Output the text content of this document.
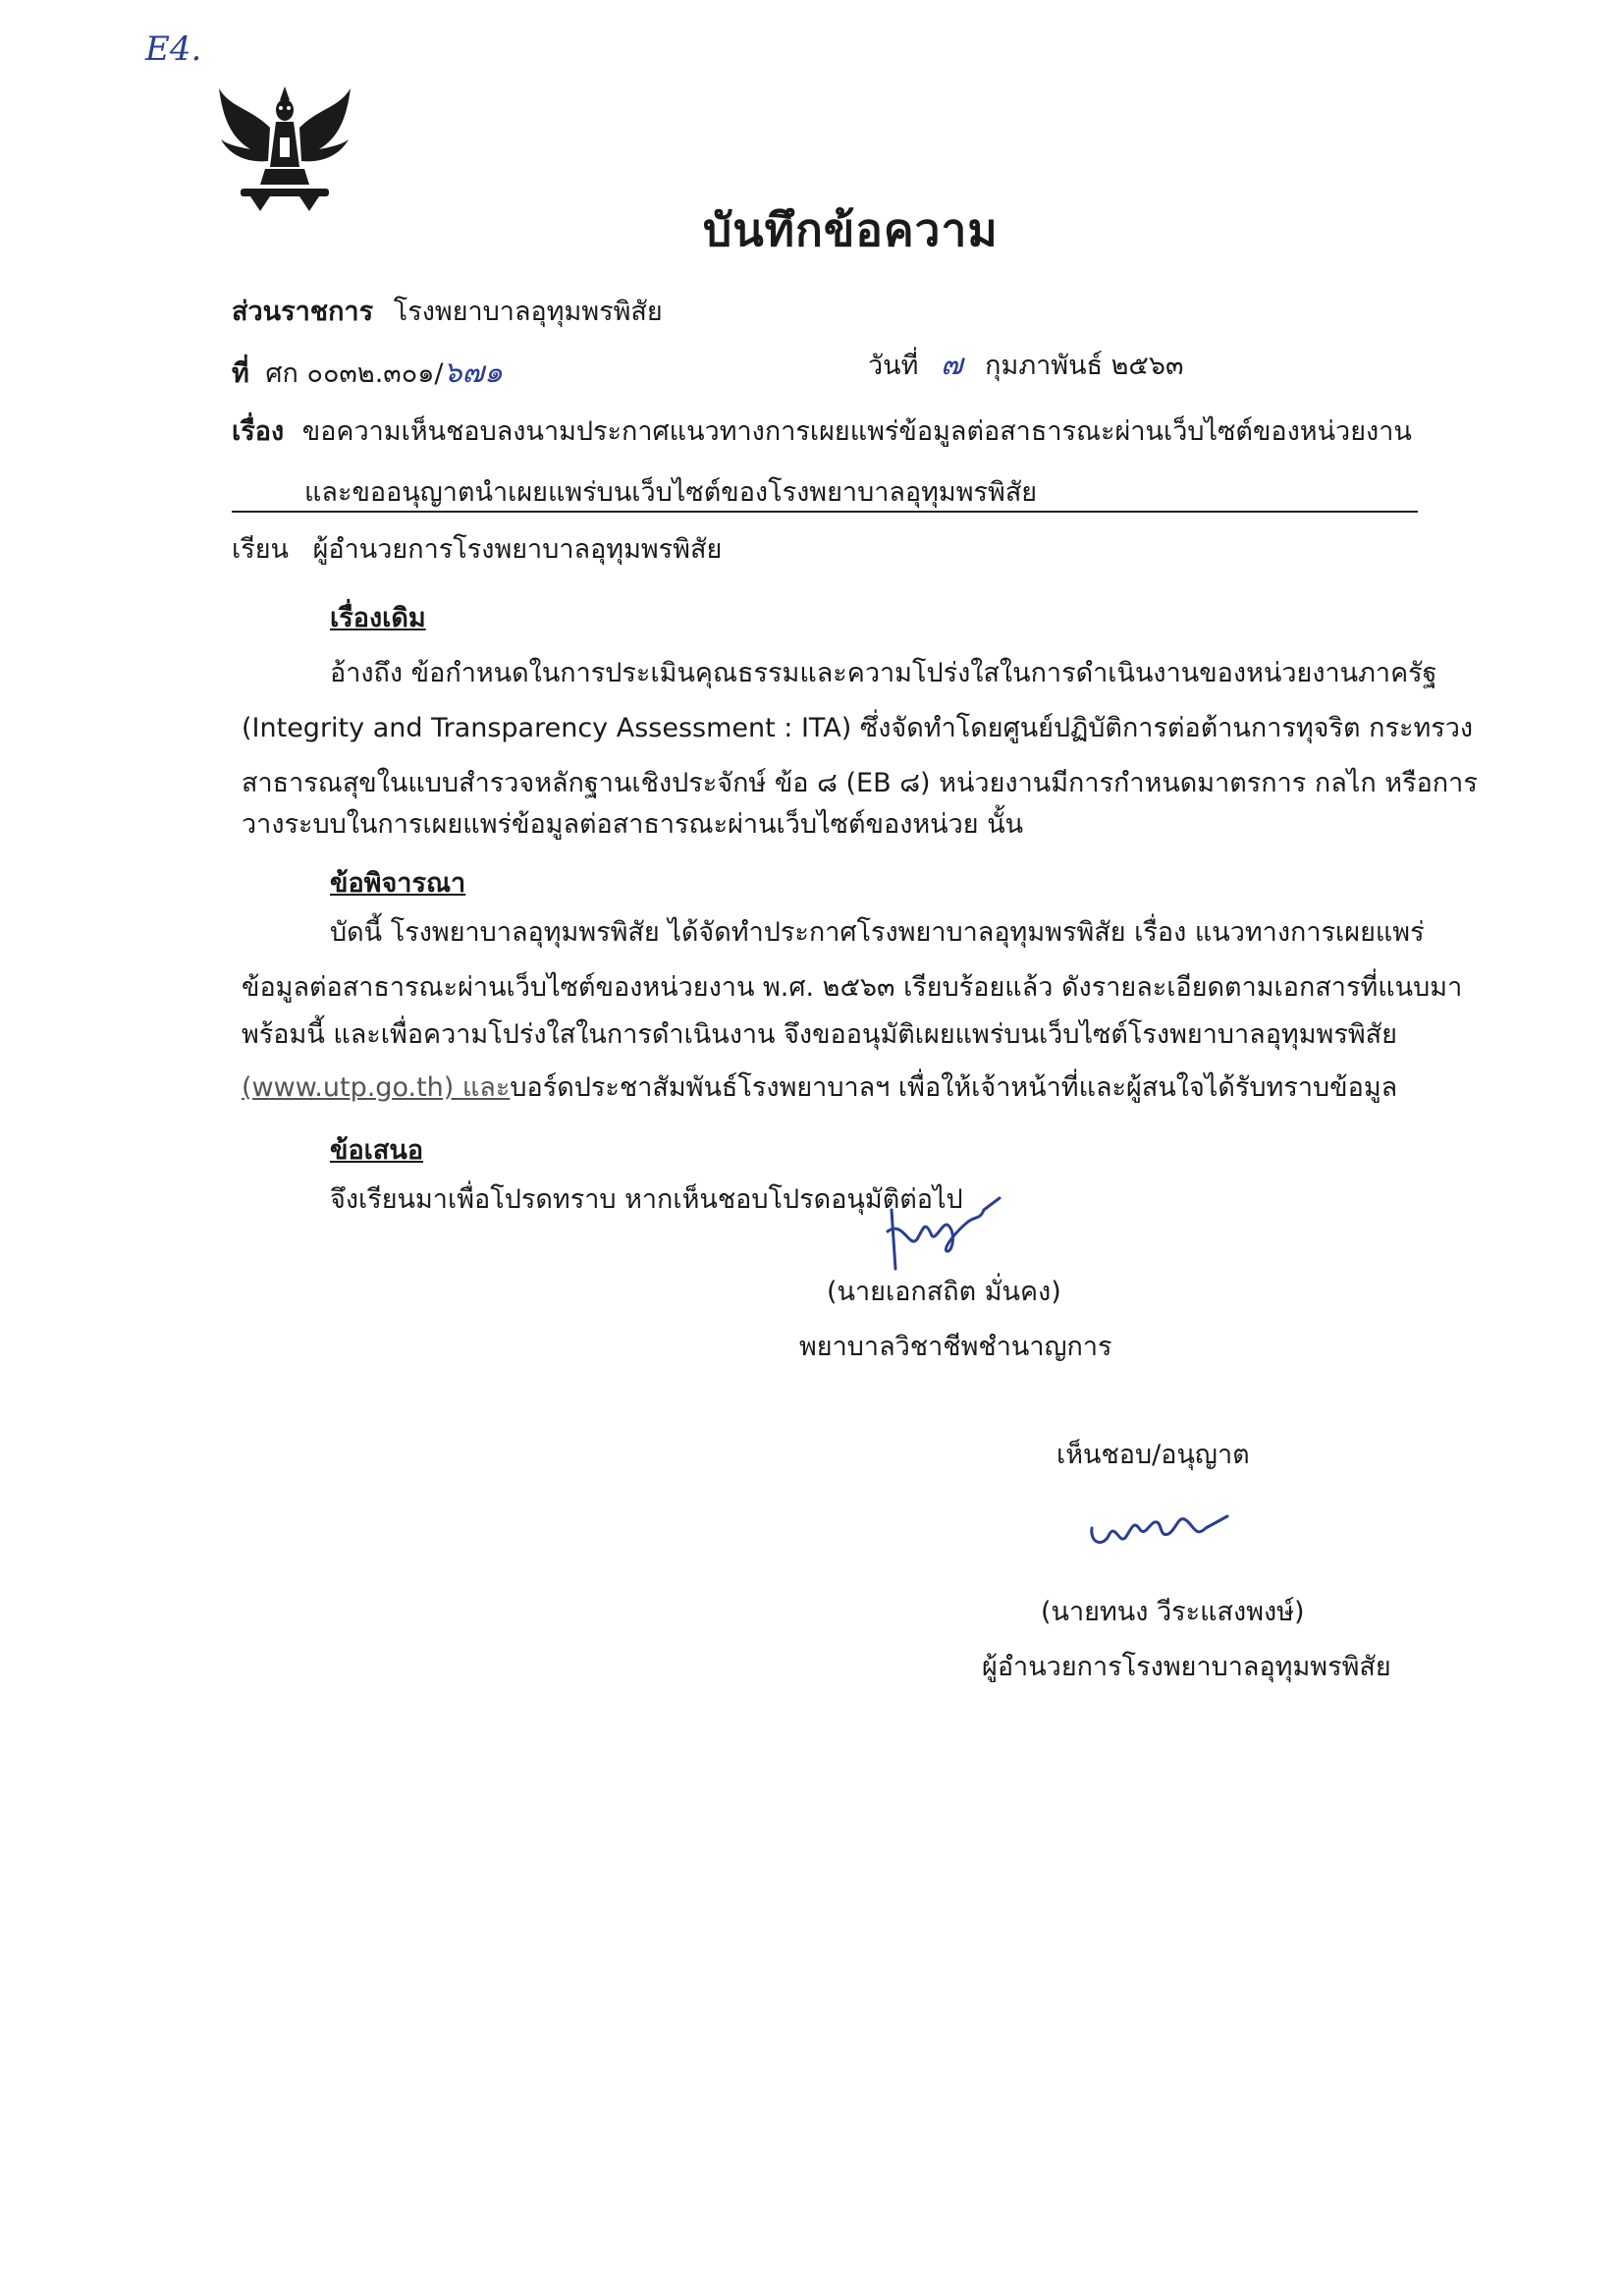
E4.
บันทึกข้อความ
ส่วนราชการ โรงพยาบาลอุทุมพรพิสัย
ที่ ศก ๐๐๓๒.๓๐๑/๖๗๑	วันที่ ๗ กุมภาพันธ์ ๒๕๖๓
เรื่อง ขอความเห็นชอบลงนามประกาศแนวทางการเผยแพร่ข้อมูลต่อสาธารณะผ่านเว็บไซต์ของหน่วยงาน
และขออนุญาตนำเผยแพร่บนเว็บไซต์ของโรงพยาบาลอุทุมพรพิสัย
เรียน ผู้อำนวยการโรงพยาบาลอุทุมพรพิสัย
เรื่องเดิม
อ้างถึง ข้อกำหนดในการประเมินคุณธรรมและความโปร่งใสในการดำเนินงานของหน่วยงานภาครัฐ
(Integrity and Transparency Assessment : ITA) ซึ่งจัดทำโดยศูนย์ปฏิบัติการต่อต้านการทุจริต กระทรวง
สาธารณสุขในแบบสำรวจหลักฐานเชิงประจักษ์ ข้อ ๘ (EB ๘) หน่วยงานมีการกำหนดมาตรการ กลไก หรือการ
วางระบบในการเผยแพร่ข้อมูลต่อสาธารณะผ่านเว็บไซต์ของหน่วย นั้น
ข้อพิจารณา
บัดนี้ โรงพยาบาลอุทุมพรพิสัย ได้จัดทำประกาศโรงพยาบาลอุทุมพรพิสัย เรื่อง แนวทางการเผยแพร่
ข้อมูลต่อสาธารณะผ่านเว็บไซต์ของหน่วยงาน พ.ศ. ๒๕๖๓ เรียบร้อยแล้ว ดังรายละเอียดตามเอกสารที่แนบมา
พร้อมนี้ และเพื่อความโปร่งใสในการดำเนินงาน จึงขออนุมัติเผยแพร่บนเว็บไซต์โรงพยาบาลอุทุมพรพิสัย
(www.utp.go.th) และบอร์ดประชาสัมพันธ์โรงพยาบาลฯ เพื่อให้เจ้าหน้าที่และผู้สนใจได้รับทราบข้อมูล
ข้อเสนอ
จึงเรียนมาเพื่อโปรดทราบ หากเห็นชอบโปรดอนุมัติต่อไป
(นายเอกสถิต มั่นคง)
พยาบาลวิชาชีพชำนาญการ
เห็นชอบ/อนุญาต
(นายทนง วีระแสงพงษ์)
ผู้อำนวยการโรงพยาบาลอุทุมพรพิสัย
